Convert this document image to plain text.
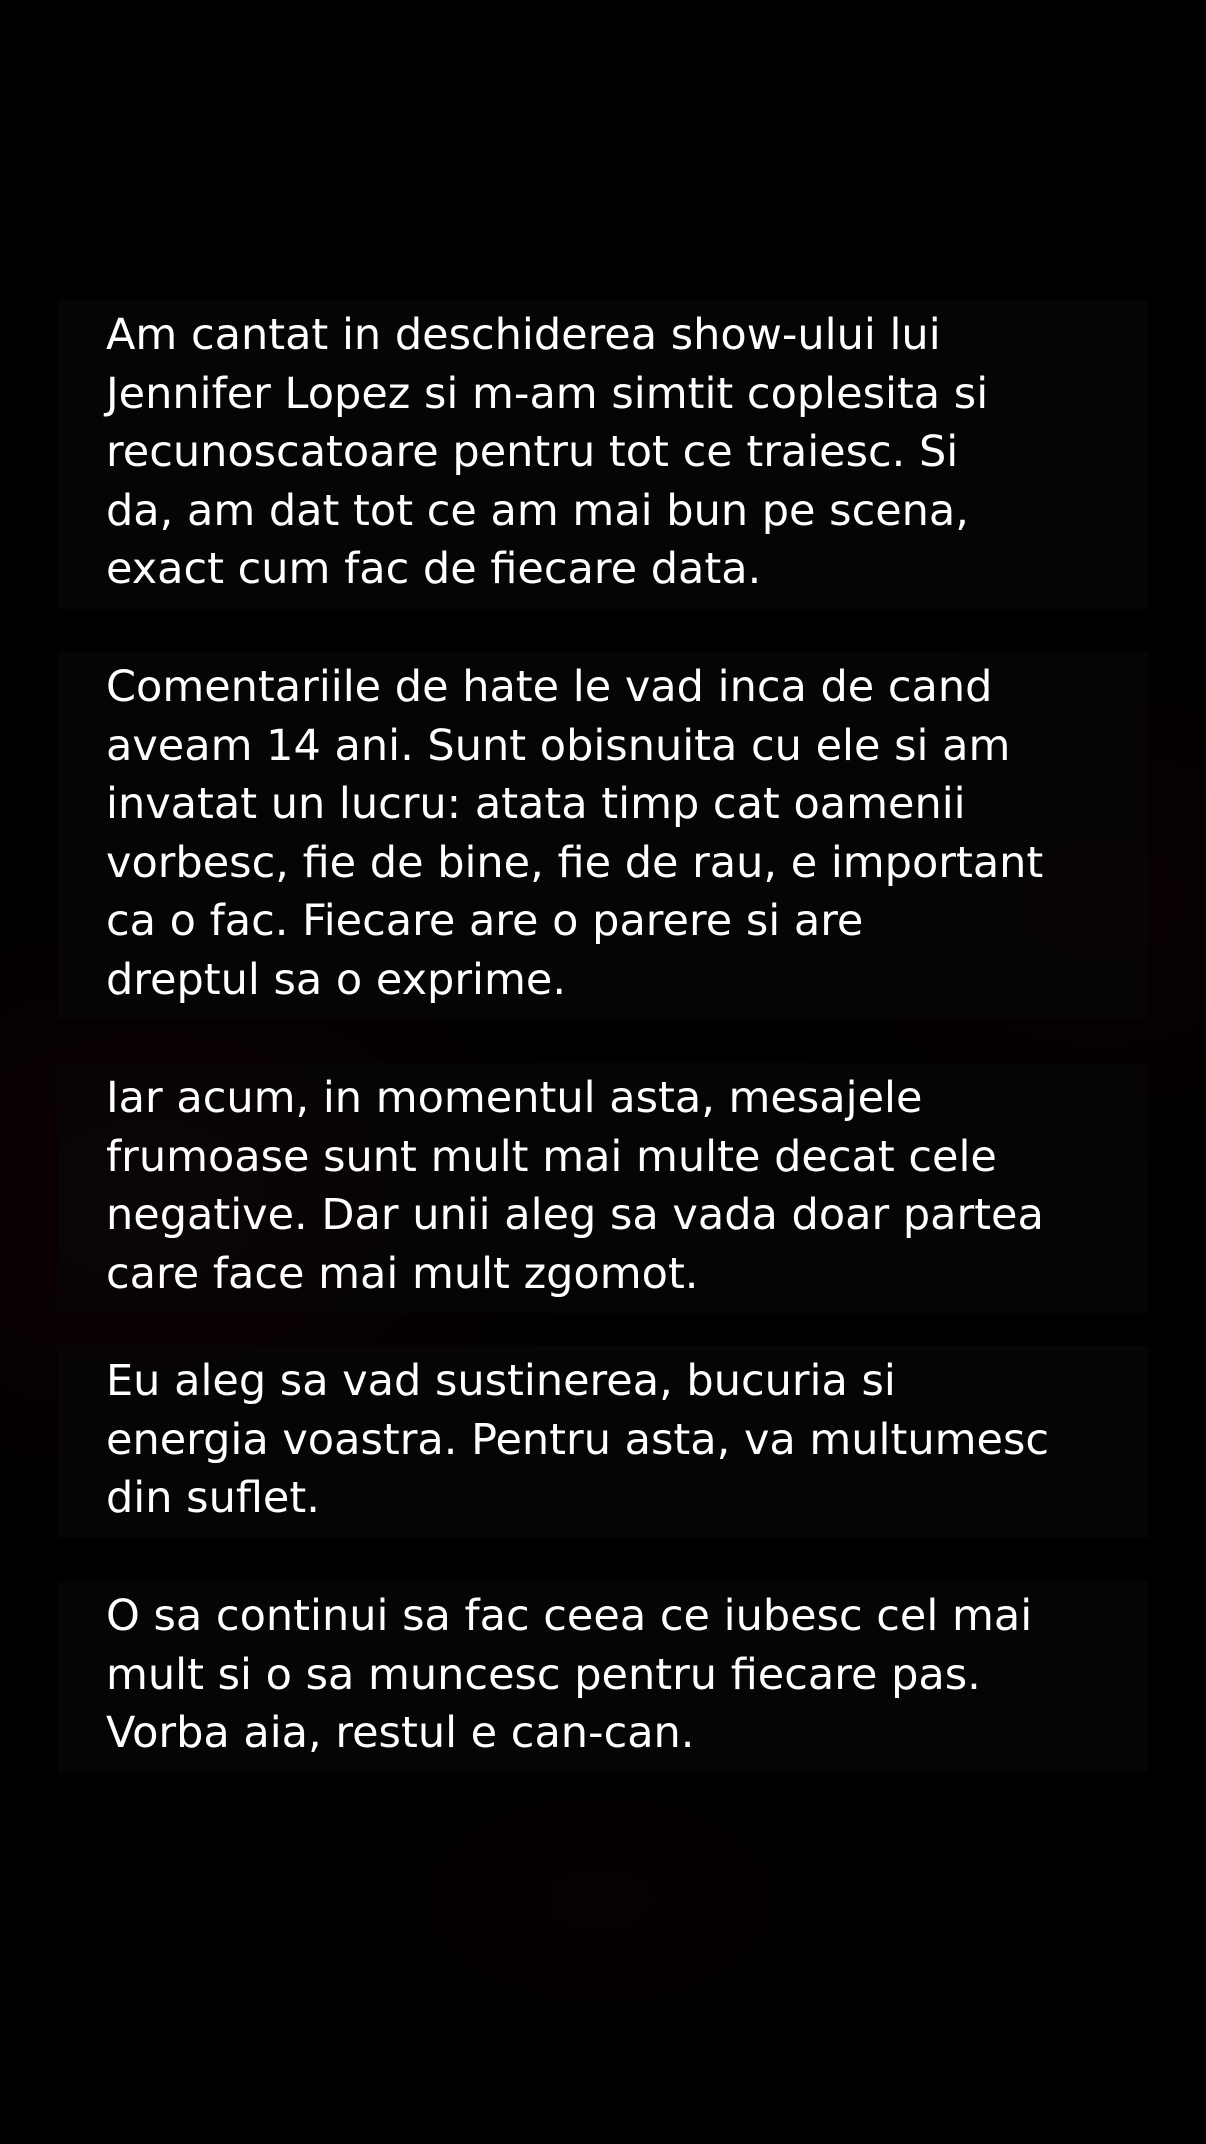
Am cantat in deschiderea show-ului lui
Jennifer Lopez si m-am simtit coplesita si
recunoscatoare pentru tot ce traiesc. Si
da, am dat tot ce am mai bun pe scena,
exact cum fac de fiecare data.
Comentariile de hate le vad inca de cand
aveam 14 ani. Sunt obisnuita cu ele si am
invatat un lucru: atata timp cat oamenii
vorbesc, fie de bine, fie de rau, e important
ca o fac. Fiecare are o parere si are
dreptul sa o exprime.
Iar acum, in momentul asta, mesajele
frumoase sunt mult mai multe decat cele
negative. Dar unii aleg sa vada doar partea
care face mai mult zgomot.
Eu aleg sa vad sustinerea, bucuria si
energia voastra. Pentru asta, va multumesc
din suflet.
O sa continui sa fac ceea ce iubesc cel mai
mult si o sa muncesc pentru fiecare pas.
Vorba aia, restul e can-can.
